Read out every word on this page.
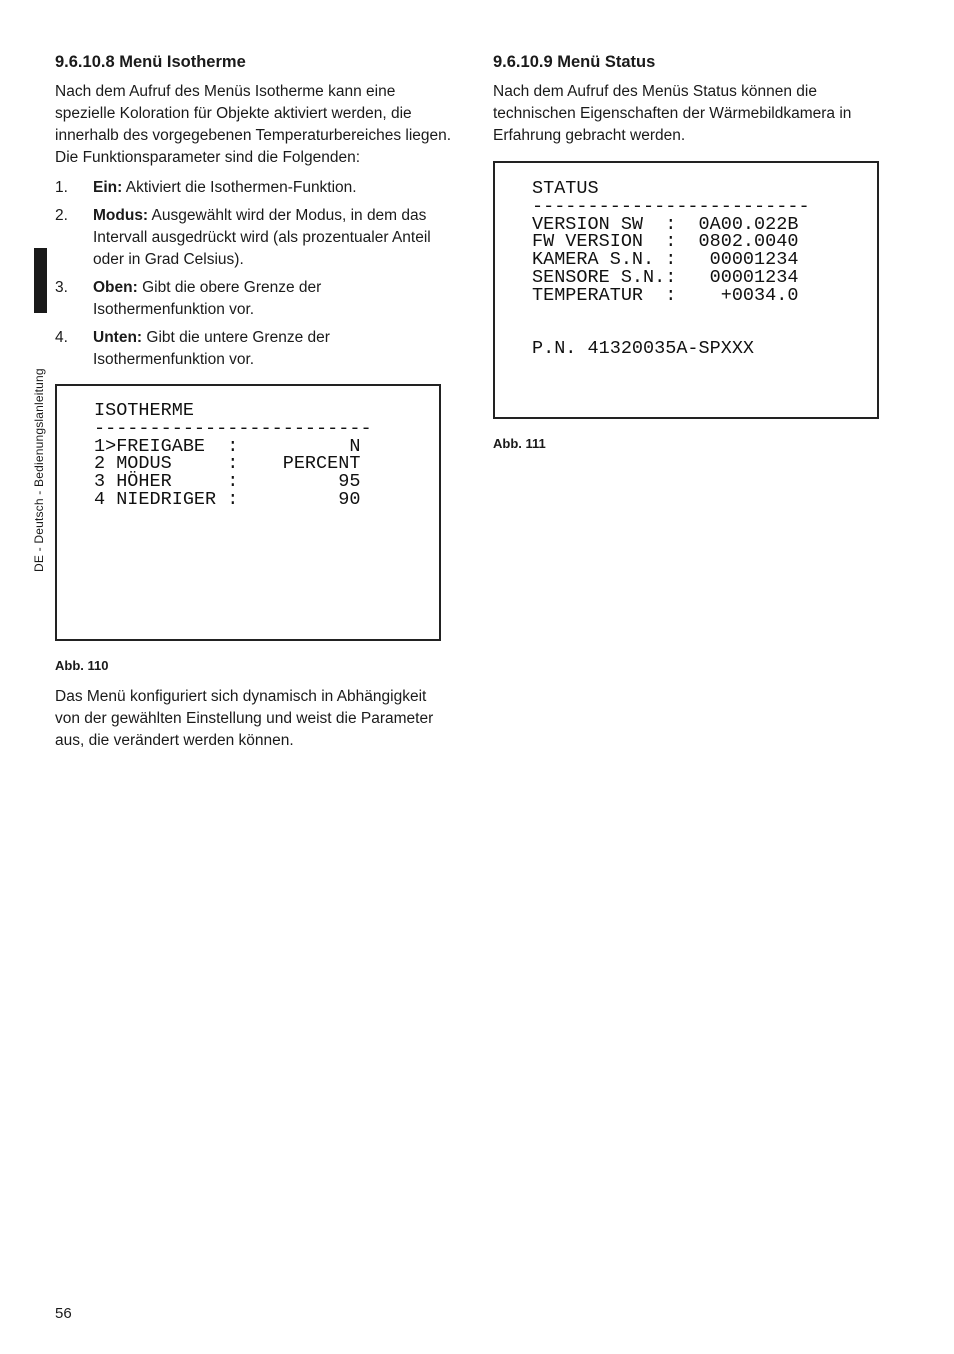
DE - Deutsch - Bedienungslanleitung
9.6.10.8 Menü Isotherme

Nach dem Aufruf des Menüs Isotherme kann eine spezielle Koloration für Objekte aktiviert werden, die innerhalb des vorgegebenen Temperaturbereiches liegen. Die Funktionsparameter sind die Folgenden:

1. Ein: Aktiviert die Isothermen-Funktion.
2. Modus: Ausgewählt wird der Modus, in dem das Intervall ausgedrückt wird (als prozentualer Anteil oder in Grad Celsius).
3. Oben: Gibt die obere Grenze der Isothermenfunktion vor.
4. Unten: Gibt die untere Grenze der Isothermenfunktion vor.
ISOTHERME
-------------------------
1>FREIGABE  :          N
2 MODUS     :    PERCENT
3 HÖHER     :         95
4 NIEDRIGER :         90
Abb. 110

Das Menü konfiguriert sich dynamisch in Abhängigkeit von der gewählten Einstellung und weist die Parameter aus, die verändert werden können.

9.6.10.9 Menü Status

Nach dem Aufruf des Menüs Status können die technischen Eigenschaften der Wärmebildkamera in Erfahrung gebracht werden.

STATUS
-------------------------
VERSION SW  :  0A00.022B
FW VERSION  :  0802.0040
KAMERA S.N. :   00001234
SENSORE S.N.:   00001234
TEMPERATUR  :    +0034.0

P.N. 41320035A-SPXXX
Abb. 111
56
